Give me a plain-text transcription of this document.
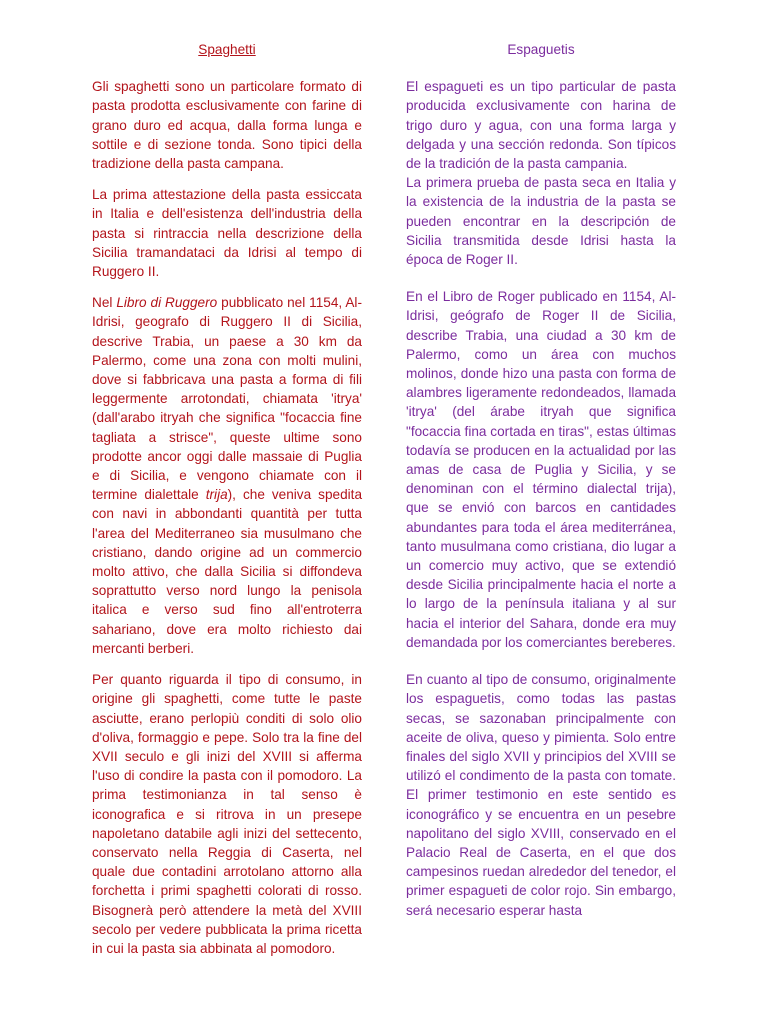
Spaghetti

Gli spaghetti sono un particolare formato di pasta prodotta esclusivamente con farine di grano duro ed acqua, dalla forma lunga e sottile e di sezione tonda. Sono tipici della tradizione della pasta campana.

La prima attestazione della pasta essiccata in Italia e dell'esistenza dell'industria della pasta si rintraccia nella descrizione della Sicilia tramandataci da Idrisi al tempo di Ruggero II.

Nel Libro di Ruggero pubblicato nel 1154, Al-Idrisi, geografo di Ruggero II di Sicilia, descrive Trabia, un paese a 30 km da Palermo, come una zona con molti mulini, dove si fabbricava una pasta a forma di fili leggermente arrotondati, chiamata 'itrya' (dall'arabo itryah che significa "focaccia fine tagliata a strisce", queste ultime sono prodotte ancor oggi dalle massaie di Puglia e di Sicilia, e vengono chiamate con il termine dialettale trija), che veniva spedita con navi in abbondanti quantità per tutta l'area del Mediterraneo sia musulmano che cristiano, dando origine ad un commercio molto attivo, che dalla Sicilia si diffondeva soprattutto verso nord lungo la penisola italica e verso sud fino all'entroterra sahariano, dove era molto richiesto dai mercanti berberi.

Per quanto riguarda il tipo di consumo, in origine gli spaghetti, come tutte le paste asciutte, erano perlopiù conditi di solo olio d'oliva, formaggio e pepe. Solo tra la fine del XVII seculo e gli inizi del XVIII si afferma l'uso di condire la pasta con il pomodoro. La prima testimonianza in tal senso è iconografica e si ritrova in un presepe napoletano databile agli inizi del settecento, conservato nella Reggia di Caserta, nel quale due contadini arrotolano attorno alla forchetta i primi spaghetti colorati di rosso. Bisognerà però attendere la metà del XVIII secolo per vedere pubblicata la prima ricetta in cui la pasta sia abbinata al pomodoro.

Espaguetis

El espagueti es un tipo particular de pasta producida exclusivamente con harina de trigo duro y agua, con una forma larga y delgada y una sección redonda. Son típicos de la tradición de la pasta campania.

La primera prueba de pasta seca en Italia y la existencia de la industria de la pasta se pueden encontrar en la descripción de Sicilia transmitida desde Idrisi hasta la época de Roger II.

En el Libro de Roger publicado en 1154, Al-Idrisi, geógrafo de Roger II de Sicilia, describe Trabia, una ciudad a 30 km de Palermo, como un área con muchos molinos, donde hizo una pasta con forma de alambres ligeramente redondeados, llamada 'itrya' (del árabe itryah que significa "focaccia fina cortada en tiras", estas últimas todavía se producen en la actualidad por las amas de casa de Puglia y Sicilia, y se denominan con el término dialectal trija), que se envió con barcos en cantidades abundantes para toda el área mediterránea, tanto musulmana como cristiana, dio lugar a un comercio muy activo, que se extendió desde Sicilia principalmente hacia el norte a lo largo de la península italiana y al sur hacia el interior del Sahara, donde era muy demandada por los comerciantes bereberes.

En cuanto al tipo de consumo, originalmente los espaguetis, como todas las pastas secas, se sazonaban principalmente con aceite de oliva, queso y pimienta. Solo entre finales del siglo XVII y principios del XVIII se utilizó el condimento de la pasta con tomate. El primer testimonio en este sentido es iconográfico y se encuentra en un pesebre napolitano del siglo XVIII, conservado en el Palacio Real de Caserta, en el que dos campesinos ruedan alrededor del tenedor, el primer espagueti de color rojo. Sin embargo, será necesario esperar hasta
